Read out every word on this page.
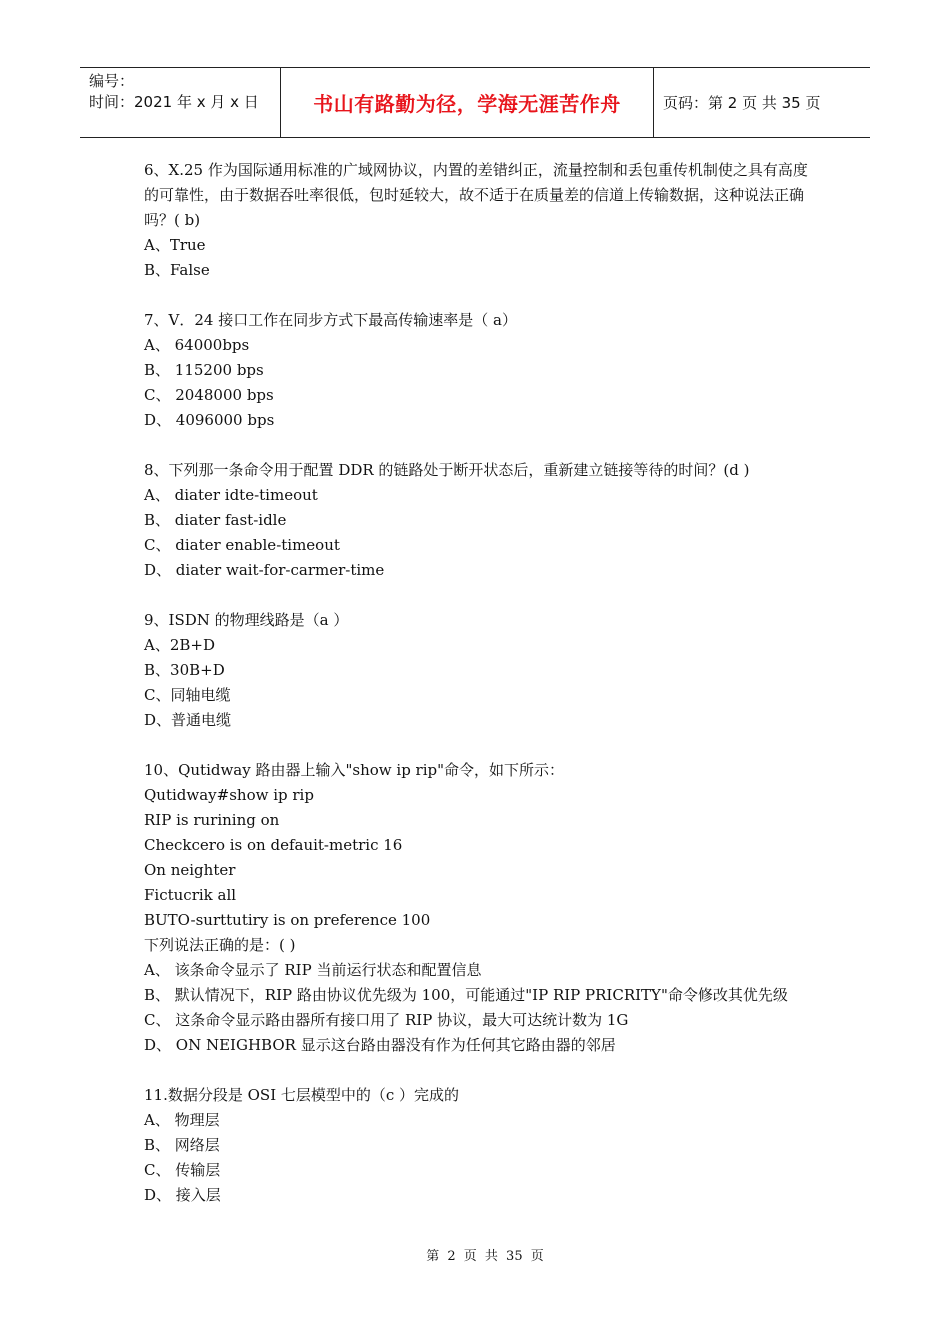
编号：
时间：2021 年 x 月 x 日	书山有路勤为径，学海无涯苦作舟	页码：第 2 页 共 35 页

6、X.25 作为国际通用标准的广域网协议，内置的差错纠正，流量控制和丢包重传机制使之具有高度的可靠性，由于数据吞吐率很低，包时延较大，故不适于在质量差的信道上传输数据，这种说法正确吗？( b)

A、True

B、False

7、V．24 接口工作在同步方式下最高传输速率是（ a）

A、 64000bps

B、 115200 bps

C、 2048000 bps

D、 4096000 bps

8、下列那一条命令用于配置 DDR 的链路处于断开状态后，重新建立链接等待的时间？(d )

A、 diater idte-timeout

B、 diater fast-idle

C、 diater enable-timeout

D、 diater wait-for-carmer-time

9、ISDN 的物理线路是（a ）

A、2B+D

B、30B+D

C、同轴电缆

D、普通电缆

10、Qutidway 路由器上输入"show ip rip"命令，如下所示：

Qutidway#show ip rip

RIP is rurining on

Checkcero is on defauit-metric 16

On neighter

Fictucrik all

BUTO-surttutiry is on preference 100

下列说法正确的是：( )

A、 该条命令显示了 RIP 当前运行状态和配置信息

B、 默认情况下，RIP 路由协议优先级为 100，可能通过"IP RIP PRICRITY"命令修改其优先级

C、 这条命令显示路由器所有接口用了 RIP 协议，最大可达统计数为 1G

D、 ON NEIGHBOR 显示这台路由器没有作为任何其它路由器的邻居

11.数据分段是 OSI 七层模型中的（c ）完成的

A、 物理层

B、 网络层

C、 传输层

D、 接入层

第 2 页 共 35 页
